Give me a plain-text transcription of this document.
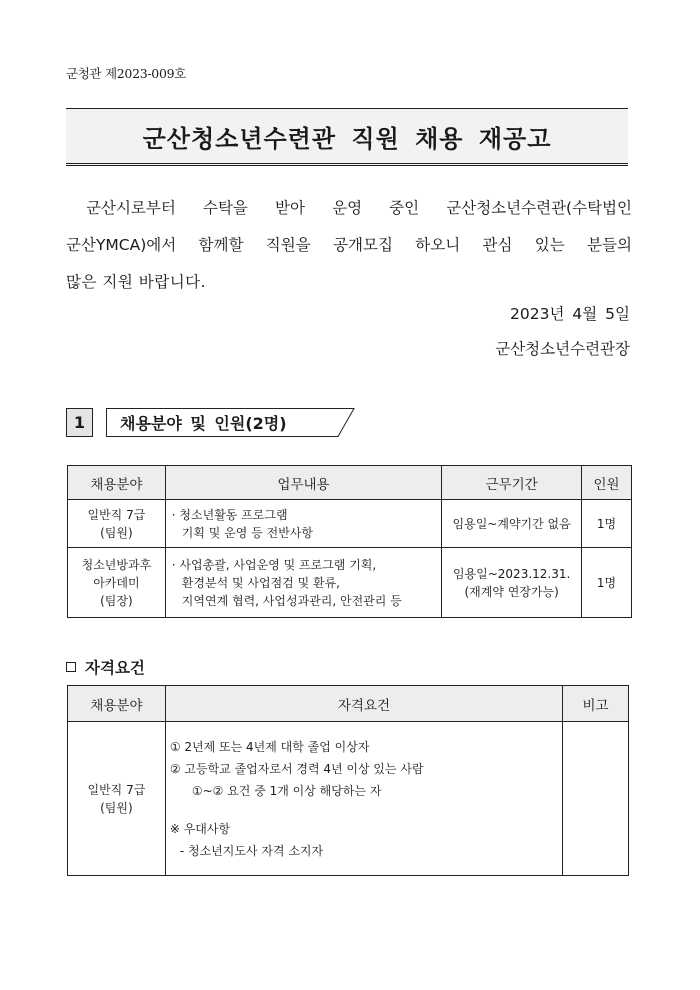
군청관 제2023-009호
군산청소년수련관 직원 채용 재공고
군산시로부터 수탁을 받아 운영 중인 군산청소년수련관(수탁법인
군산YMCA)에서 함께할 직원을 공개모집 하오니 관심 있는 분들의
많은 지원 바랍니다.
2023년 4월 5일
군산청소년수련관장
1	채용분야 및 인원(2명)
채용분야	업무내용	근무기간	인원

일반직 7급
(팀원)	· 청소년활동 프로그램
기획 및 운영 등 전반사항	임용일~계약기간 없음	1명

청소년방과후
아카데미
(팀장)	· 사업총괄, 사업운영 및 프로그램 기획,
환경분석 및 사업점검 및 환류,
지역연계 협력, 사업성과관리, 안전관리 등	임용일~2023.12.31.
(재계약 연장가능)	1명
자격요건
채용분야	자격요건	비고

일반직 7급
(팀원)	① 2년제 또는 4년제 대학 졸업 이상자
② 고등학교 졸업자로서 경력 4년 이상 있는 사람
①~② 요건 중 1개 이상 해당하는 자
※ 우대사항
- 청소년지도사 자격 소지자	
